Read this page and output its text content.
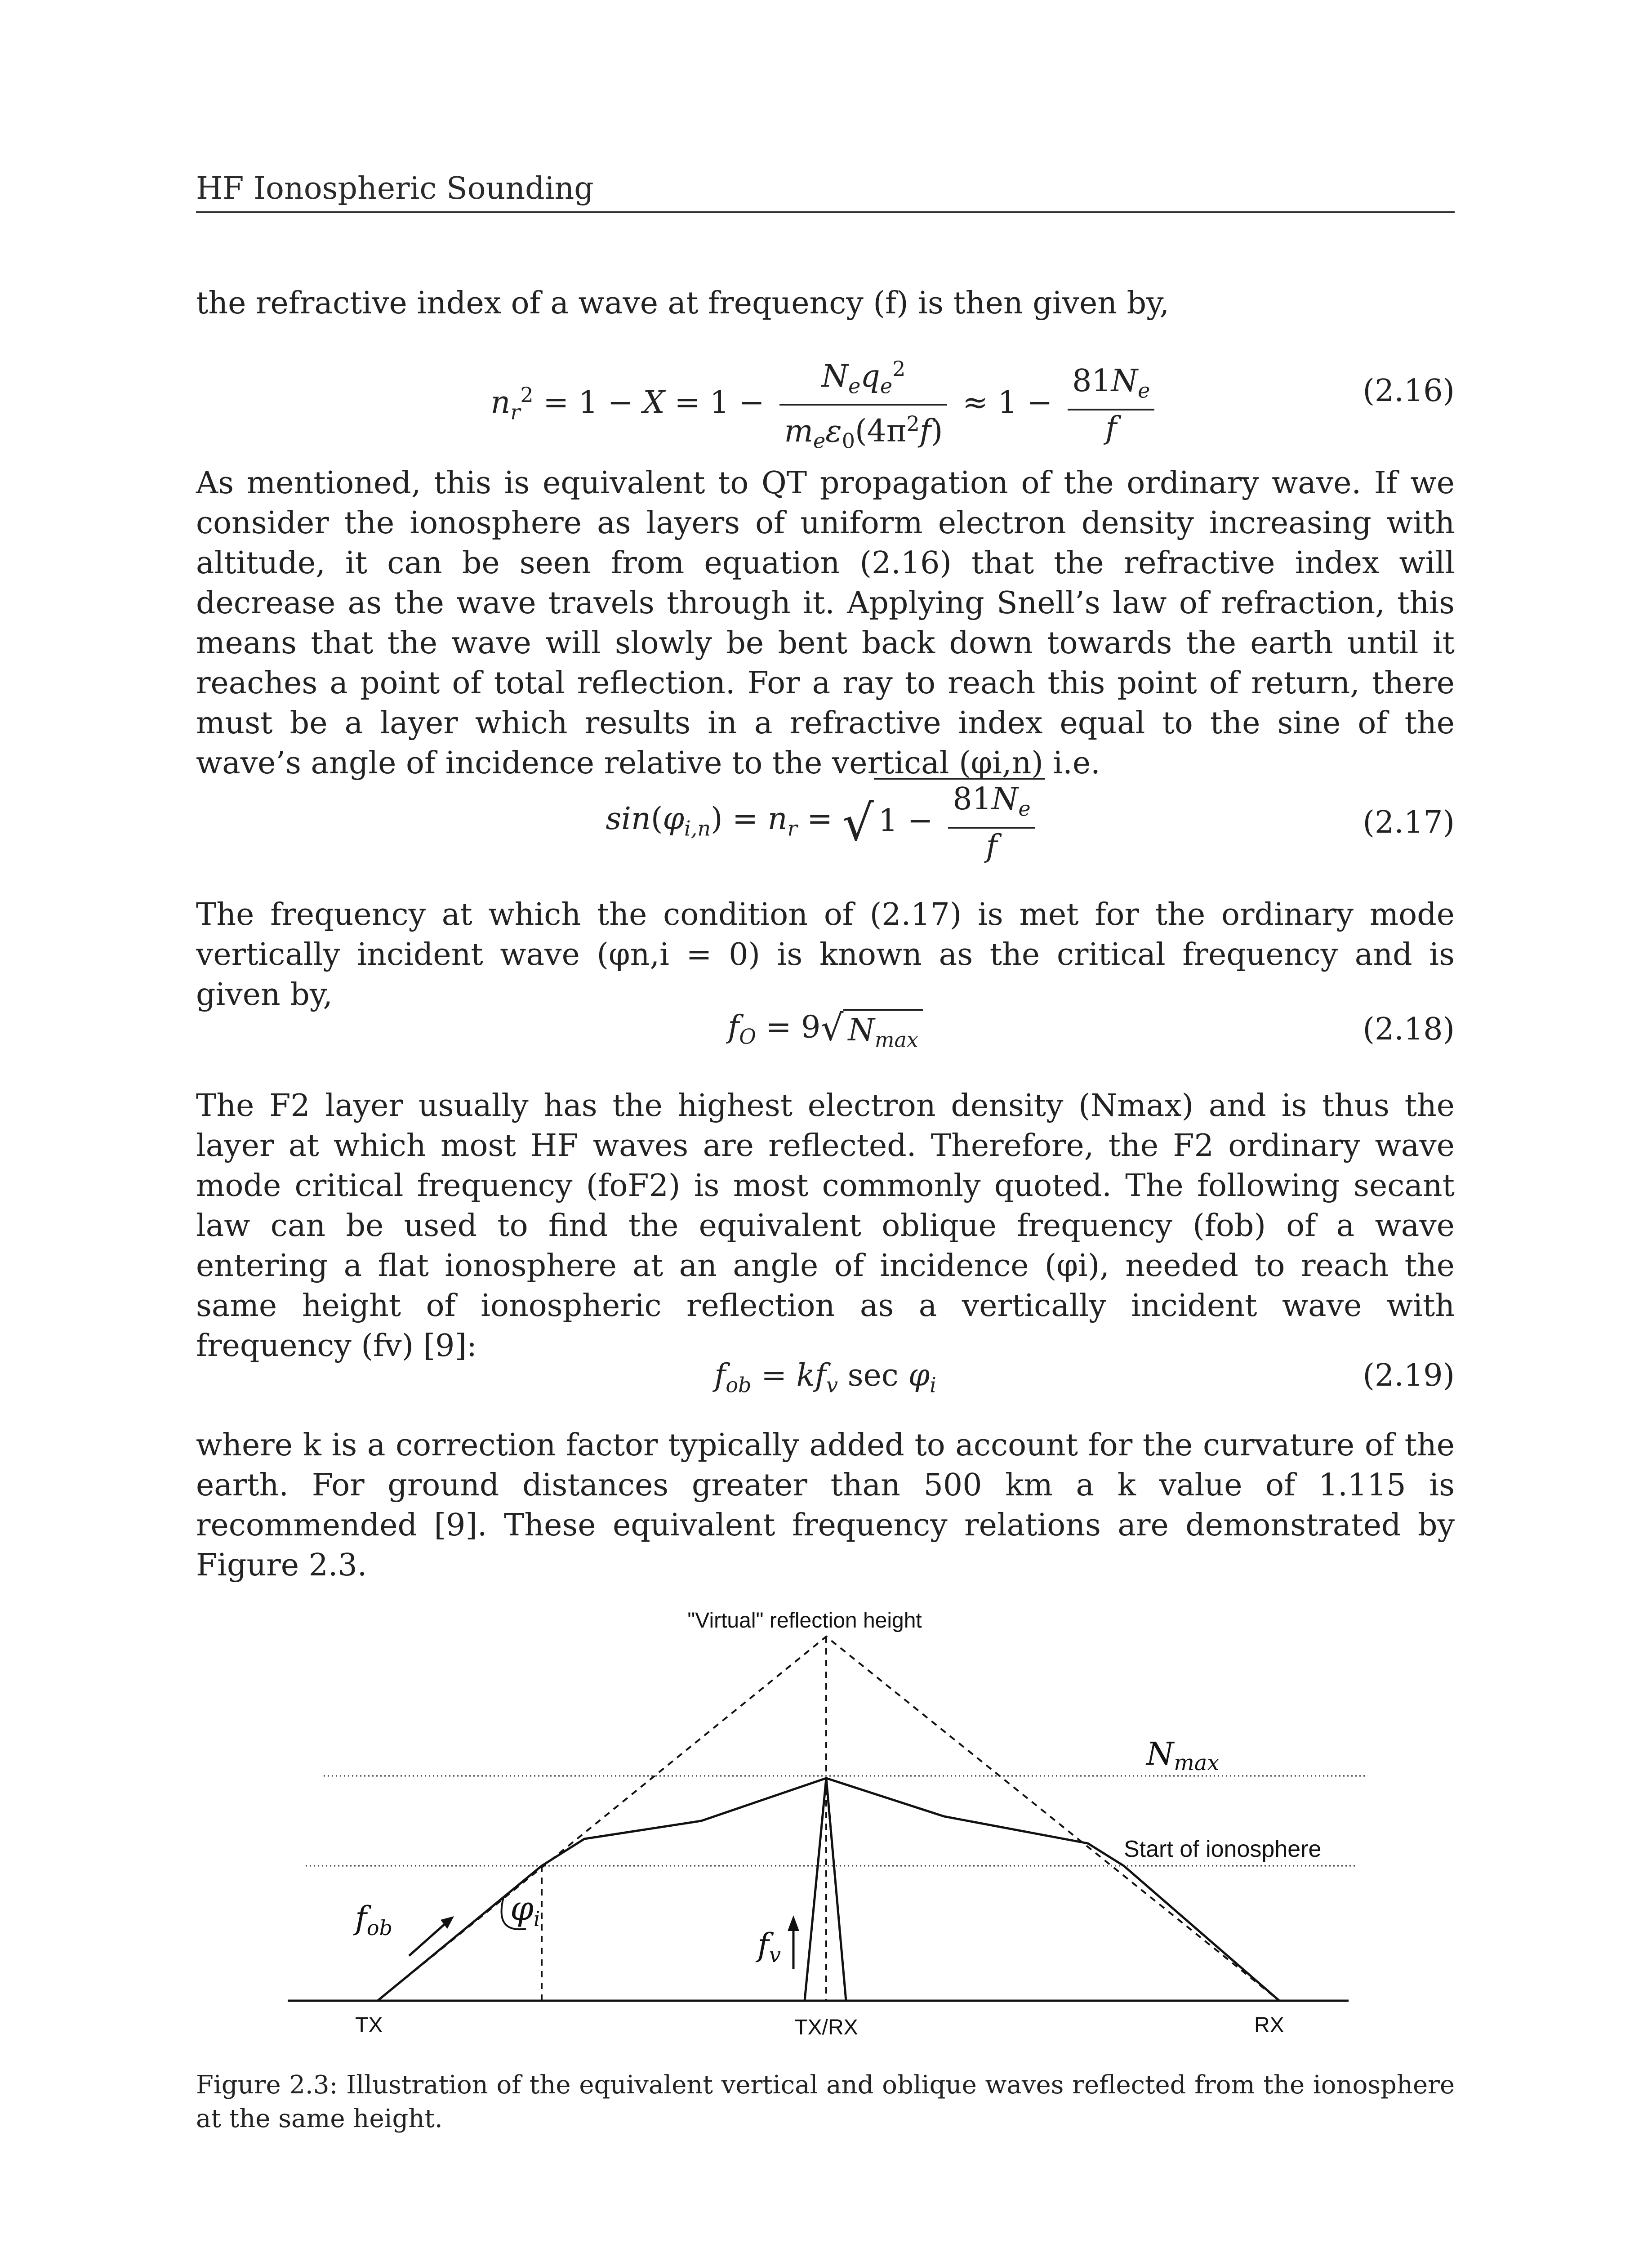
HF Ionospheric Sounding

the refractive index of a wave at frequency (f) is then given by,

$n_r^2 = 1 - X = 1 - \frac{N_eq_e^2}{m_e\varepsilon_0(4\pi^2f)} \approx 1 - \frac{81N_e}{f}$	(2.16)

As mentioned, this is equivalent to QT propagation of the ordinary wave. If we consider the ionosphere as layers of uniform electron density increasing with altitude, it can be seen from equation (2.16) that the refractive index will decrease as the wave travels through it. Applying Snell’s law of refraction, this means that the wave will slowly be bent back down towards the earth until it reaches a point of total reflection. For a ray to reach this point of return, there must be a layer which results in a refractive index equal to the sine of the wave’s angle of incidence relative to the vertical (φi,n) i.e.

$\sin(\varphi_{i,n}) = n_r$ = √ $1 - \frac{81N_e}{f}$	(2.17)

The frequency at which the condition of (2.17) is met for the ordinary mode vertically incident wave (φn,i = 0) is known as the critical frequency and is given by,

$f_O = 9√$ $N_{max}$	(2.18)

The F2 layer usually has the highest electron density (Nmax) and is thus the layer at which most HF waves are reflected. Therefore, the F2 ordinary wave mode critical frequency (foF2) is most commonly quoted. The following secant law can be used to find the equivalent oblique frequency (fob) of a wave entering a flat ionosphere at an angle of incidence (φi), needed to reach the same height of ionospheric reflection as a vertically incident wave with frequency (fv) [9]:

$f_{ob} = kf_v$ $\sec \varphi_i$	(2.19)

where k is a correction factor typically added to account for the curvature of the earth. For ground distances greater than 500 km a k value of 1.115 is recommended [9]. These equivalent frequency relations are demonstrated by Figure 2.3.

"Virtual" reflection height
Nmax
Start of ionosphere
$f_{ob}$	φi
$f_v$
TX	TX/RX	RX
Figure 2.3: Illustration of the equivalent vertical and oblique waves reflected from the ionosphere at the same height.
